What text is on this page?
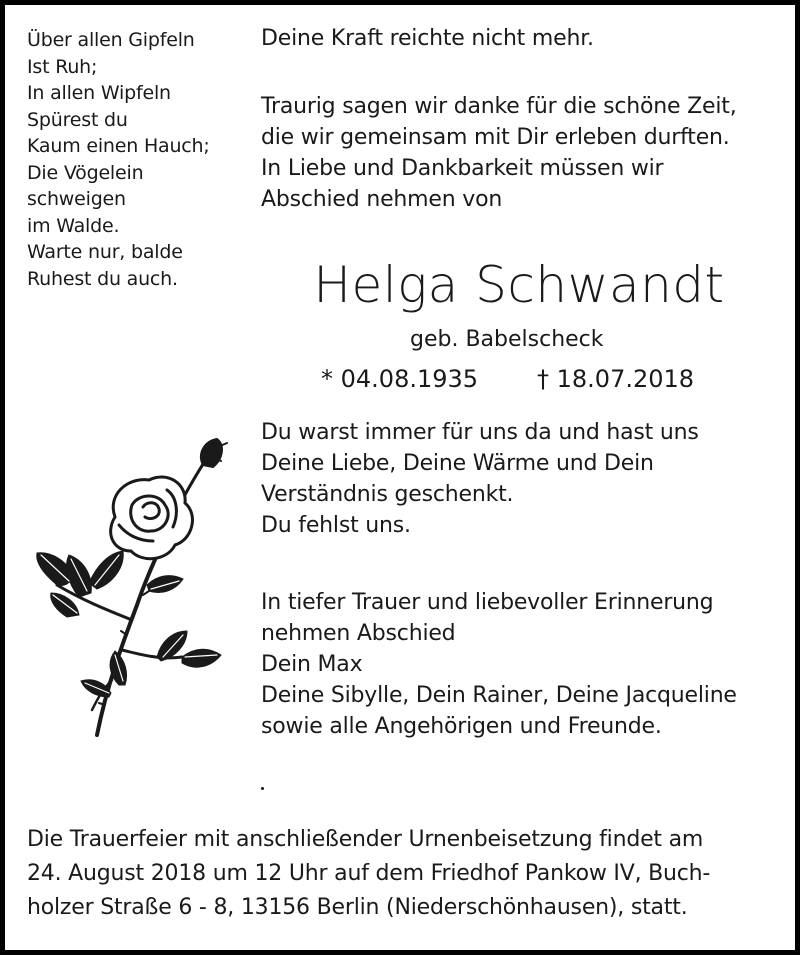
Über allen Gipfeln
Ist Ruh;
In allen Wipfeln
Spürest du
Kaum einen Hauch;
Die Vögelein
schweigen
im Walde.
Warte nur, balde
Ruhest du auch.
Deine Kraft reichte nicht mehr.
Traurig sagen wir danke für die schöne Zeit,
die wir gemeinsam mit Dir erleben durften.
In Liebe und Dankbarkeit müssen wir
Abschied nehmen von
Helga Schwandt
geb. Babelscheck
* 04.08.1935 † 18.07.2018
Du warst immer für uns da und hast uns
Deine Liebe, Deine Wärme und Dein
Verständnis geschenkt.
Du fehlst uns.
In tiefer Trauer und liebevoller Erinnerung
nehmen Abschied
Dein Max
Deine Sibylle, Dein Rainer, Deine Jacqueline
sowie alle Angehörigen und Freunde.
Die Trauerfeier mit anschließender Urnenbeisetzung findet am
24. August 2018 um 12 Uhr auf dem Friedhof Pankow IV, Buch-
holzer Straße 6 - 8, 13156 Berlin (Niederschönhausen), statt.
